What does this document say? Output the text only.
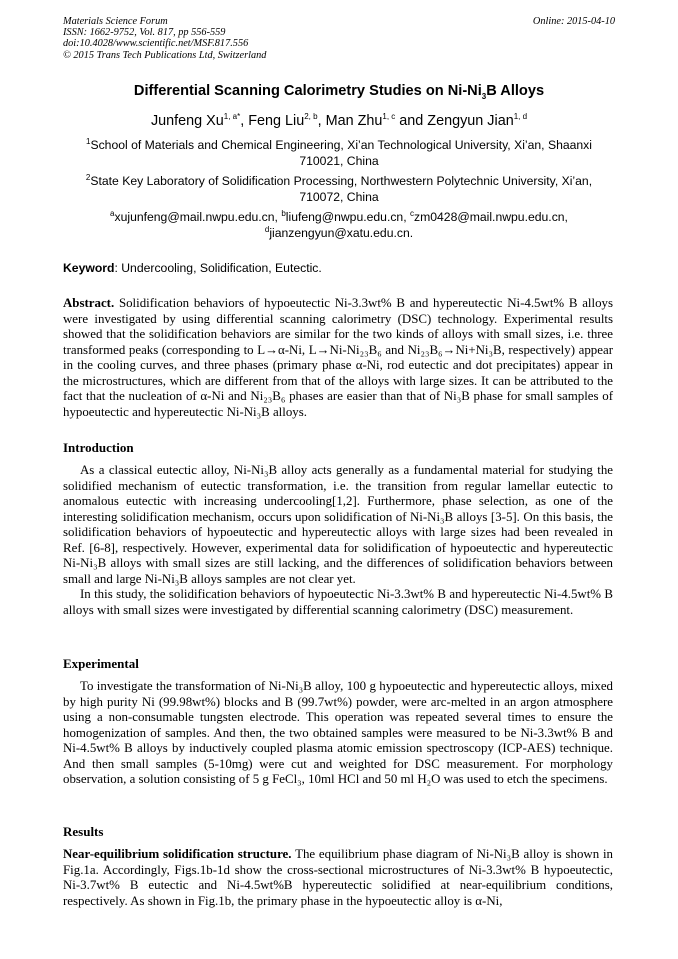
Materials Science Forum
ISSN: 1662-9752, Vol. 817, pp 556-559
doi:10.4028/www.scientific.net/MSF.817.556
© 2015 Trans Tech Publications Ltd, Switzerland
Online: 2015-04-10
Differential Scanning Calorimetry Studies on $Ni-Ni_3B$ Alloys
Junfeng $Xu^{1, a*}$, Feng Liu$^{2, b}$, Man Zhu$^{1, c}$ and Zengyun Jian$^{1, d}$
$^1$School of Materials and Chemical Engineering, Xi’an Technological University, Xi’an, Shaanxi 710021, China
$^2$State Key Laboratory of Solidification Processing, Northwestern Polytechnic University, Xi’an, 710072, China
$^a$xujunfeng@mail.nwpu.edu.cn, $^b$liufeng@nwpu.edu.cn, $^c$zm0428@mail.nwpu.edu.cn,
$^d$jianzengyun@xatu.edu.cn.
Keyword: Undercooling, Solidification, Eutectic.
Abstract. Solidification behaviors of hypoeutectic Ni-3.3wt% B and hypereutectic Ni-4.5wt% B alloys were investigated by using differential scanning calorimetry (DSC) technology. Experimental results showed that the solidification behaviors are similar for the two kinds of alloys with small sizes, i.e. three transformed peaks (corresponding to L→α-Ni, L→Ni-Ni₂₃B₆ and Ni₂₃B₆→Ni+Ni₃B, respectively) appear in the cooling curves, and three phases (primary phase α-Ni, rod eutectic and dot precipitates) appear in the microstructures, which are different from that of the alloys with large sizes. It can be attributed to the fact that the nucleation of α-Ni and Ni₂₃B₆ phases are easier than that of Ni₃B phase for small samples of hypoeutectic and hypereutectic Ni-Ni₃B alloys.
Introduction
As a classical eutectic alloy, Ni-Ni₃B alloy acts generally as a fundamental material for studying the solidified mechanism of eutectic transformation, i.e. the transition from regular lamellar eutectic to anomalous eutectic with increasing undercooling[1,2]. Furthermore, phase selection, as one of the interesting solidification mechanism, occurs upon solidification of Ni-Ni₃B alloys [3-5]. On this basis, the solidification behaviors of hypoeutectic and hypereutectic alloys with large sizes had been revealed in Ref. [6-8], respectively. However, experimental data for solidification of hypoeutectic and hypereutectic Ni-Ni₃B alloys with small sizes are still lacking, and the differences of solidification behaviors between small and large Ni-Ni₃B alloys samples are not clear yet.
In this study, the solidification behaviors of hypoeutectic Ni-3.3wt% B and hypereutectic Ni-4.5wt% B alloys with small sizes were investigated by differential scanning calorimetry (DSC) measurement.
Experimental
To investigate the transformation of Ni-Ni₃B alloy, 100 g hypoeutectic and hypereutectic alloys, mixed by high purity Ni (99.98wt%) blocks and B (99.7wt%) powder, were arc-melted in an argon atmosphere using a non-consumable tungsten electrode. This operation was repeated several times to ensure the homogenization of samples. And then, the two obtained samples were measured to be Ni-3.3wt% B and Ni-4.5wt% B alloys by inductively coupled plasma atomic emission spectroscopy (ICP-AES) technique. And then small samples (5-10mg) were cut and weighted for DSC measurement. For morphology observation, a solution consisting of 5 g FeCl₃, 10ml HCl and 50 ml H₂O was used to etch the specimens.
Results
Near-equilibrium solidification structure. The equilibrium phase diagram of Ni-Ni₃B alloy is shown in Fig.1a. Accordingly, Figs.1b-1d show the cross-sectional microstructures of Ni-3.3wt% B hypoeutectic, Ni-3.7wt% B eutectic and Ni-4.5wt%B hypereutectic solidified at near-equilibrium conditions, respectively. As shown in Fig.1b, the primary phase in the hypoeutectic alloy is α-Ni,
